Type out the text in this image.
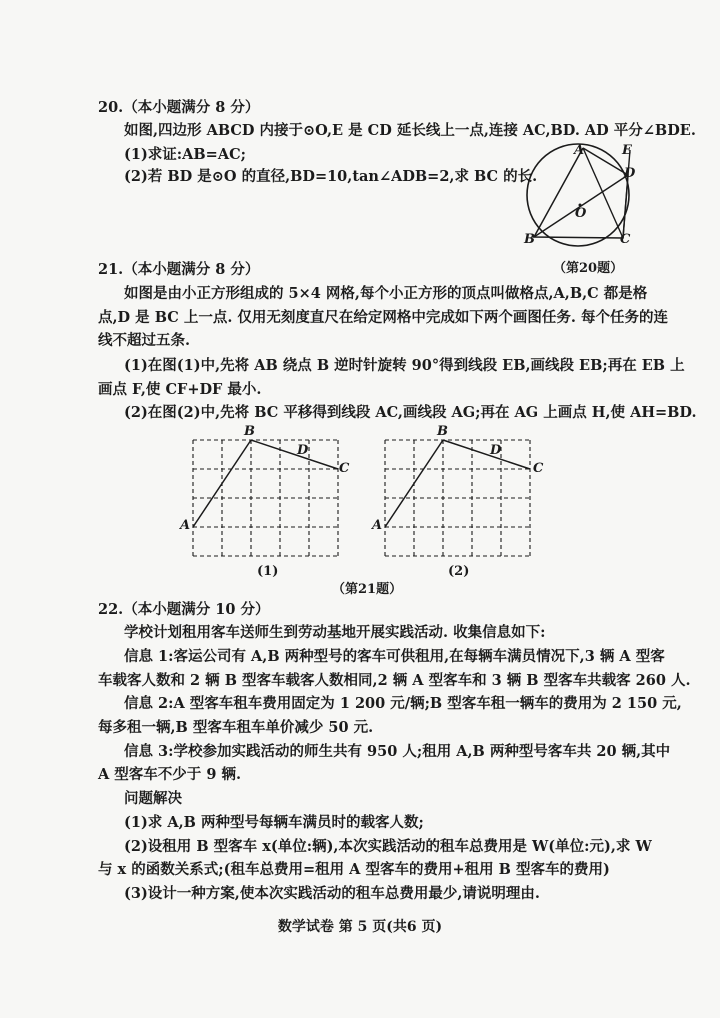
20.（本小题满分 8 分）
如图,四边形 ABCD 内接于⊙O,E 是 CD 延长线上一点,连接 AC,BD. AD 平分∠BDE.
(1)求证:AB=AC;
(2)若 BD 是⊙O 的直径,BD=10,tan∠ADB=2,求 BC 的长.
A	E
D
O
B	C
（第20题）
21.（本小题满分 8 分）
如图是由小正方形组成的 5×4 网格,每个小正方形的顶点叫做格点,A,B,C 都是格
点,D 是 BC 上一点. 仅用无刻度直尺在给定网格中完成如下两个画图任务. 每个任务的连
线不超过五条.
(1)在图(1)中,先将 AB 绕点 B 逆时针旋转 90°得到线段 EB,画线段 EB;再在 EB 上
画点 F,使 CF+DF 最小.
(2)在图(2)中,先将 BC 平移得到线段 AC,画线段 AG;再在 AG 上画点 H,使 AH=BD.
B
D
C
A
(1)
B
D
C
A
(2)
（第21题）
22.（本小题满分 10 分）
学校计划租用客车送师生到劳动基地开展实践活动. 收集信息如下:
信息 1:客运公司有 A,B 两种型号的客车可供租用,在每辆车满员情况下,3 辆 A 型客
车载客人数和 2 辆 B 型客车载客人数相同,2 辆 A 型客车和 3 辆 B 型客车共载客 260 人.
信息 2:A 型客车租车费用固定为 1 200 元/辆;B 型客车租一辆车的费用为 2 150 元,
每多租一辆,B 型客车租车单价减少 50 元.
信息 3:学校参加实践活动的师生共有 950 人;租用 A,B 两种型号客车共 20 辆,其中
A 型客车不少于 9 辆.
问题解决
(1)求 A,B 两种型号每辆车满员时的载客人数;
(2)设租用 B 型客车 x(单位:辆),本次实践活动的租车总费用是 W(单位:元),求 W
与 x 的函数关系式;(租车总费用=租用 A 型客车的费用+租用 B 型客车的费用)
(3)设计一种方案,使本次实践活动的租车总费用最少,请说明理由.
数学试卷 第 5 页(共6 页)
